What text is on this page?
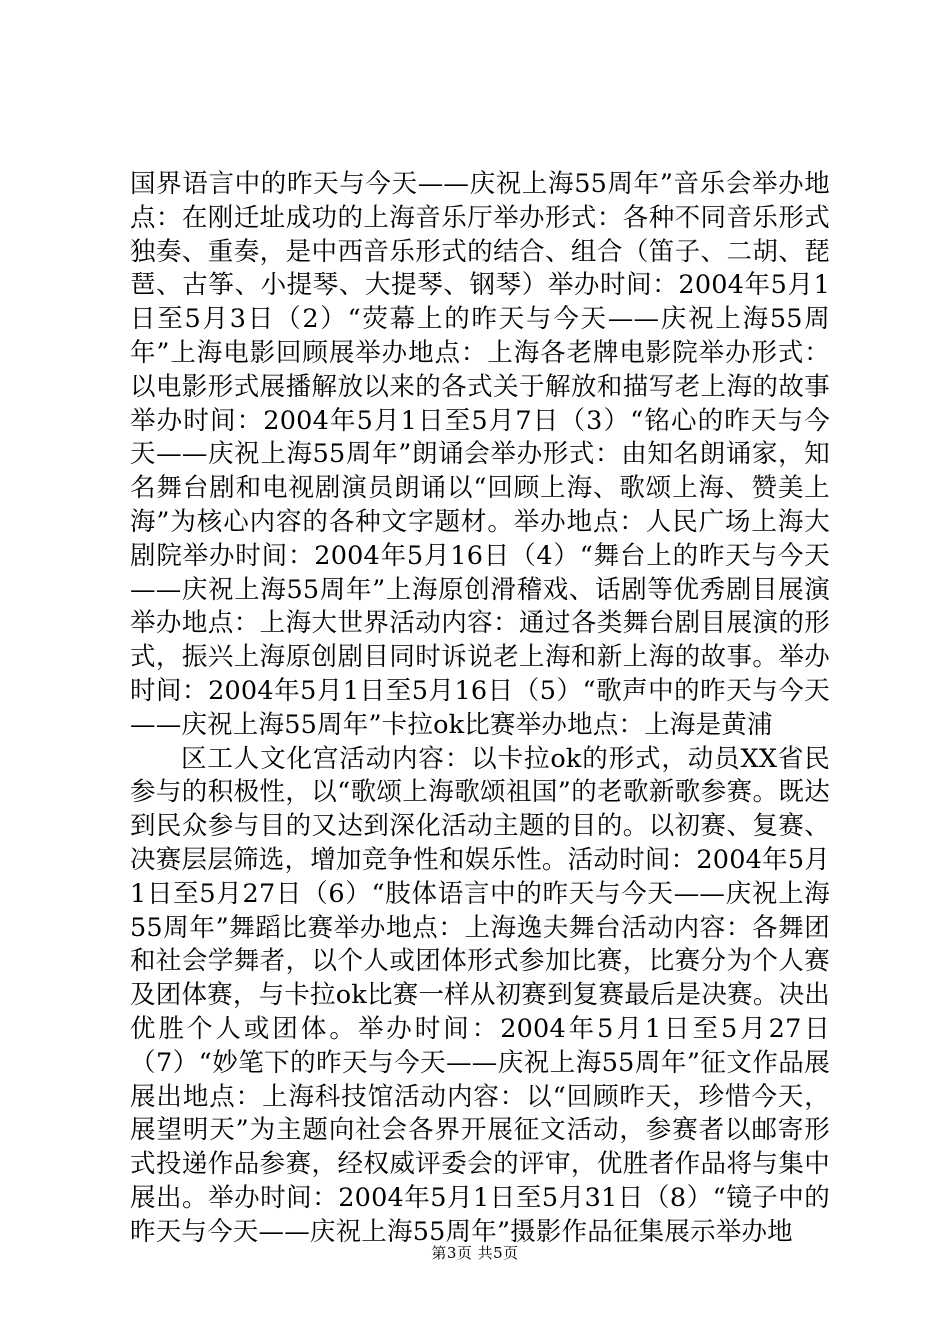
国界语言中的昨天与今天——庆祝上海55周年”音乐会举办地点：在刚迁址成功的上海音乐厅举办形式：各种不同音乐形式独奏、重奏，是中西音乐形式的结合、组合（笛子、二胡、琵琶、古筝、小提琴、大提琴、钢琴）举办时间：2004年5月1日至5月3日（2）“荧幕上的昨天与今天——庆祝上海55周年”上海电影回顾展举办地点：上海各老牌电影院举办形式：以电影形式展播解放以来的各式关于解放和描写老上海的故事举办时间：2004年5月1日至5月7日（3）“铭心的昨天与今天——庆祝上海55周年”朗诵会举办形式：由知名朗诵家，知名舞台剧和电视剧演员朗诵以“回顾上海、歌颂上海、赞美上海”为核心内容的各种文字题材。举办地点：人民广场上海大剧院举办时间：2004年5月16日（4）“舞台上的昨天与今天——庆祝上海55周年”上海原创滑稽戏、话剧等优秀剧目展演举办地点：上海大世界活动内容：通过各类舞台剧目展演的形式，振兴上海原创剧目同时诉说老上海和新上海的故事。举办时间：2004年5月1日至5月16日（5）“歌声中的昨天与今天——庆祝上海55周年”卡拉ok比赛举办地点：上海是黄浦

区工人文化宫活动内容：以卡拉ok的形式，动员XX省民参与的积极性，以“歌颂上海歌颂祖国”的老歌新歌参赛。既达到民众参与目的又达到深化活动主题的目的。以初赛、复赛、决赛层层筛选，增加竞争性和娱乐性。活动时间：2004年5月1日至5月27日（6）“肢体语言中的昨天与今天——庆祝上海55周年”舞蹈比赛举办地点：上海逸夫舞台活动内容：各舞团和社会学舞者，以个人或团体形式参加比赛，比赛分为个人赛及团体赛，与卡拉ok比赛一样从初赛到复赛最后是决赛。决出优胜个人或团体。举办时间：2004年5月1日至5月27日（7）“妙笔下的昨天与今天——庆祝上海55周年”征文作品展展出地点：上海科技馆活动内容：以“回顾昨天，珍惜今天，展望明天”为主题向社会各界开展征文活动，参赛者以邮寄形式投递作品参赛，经权威评委会的评审，优胜者作品将与集中展出。举办时间：2004年5月1日至5月31日（8）“镜子中的昨天与今天——庆祝上海55周年”摄影作品征集展示举办地

第3页 共5页
